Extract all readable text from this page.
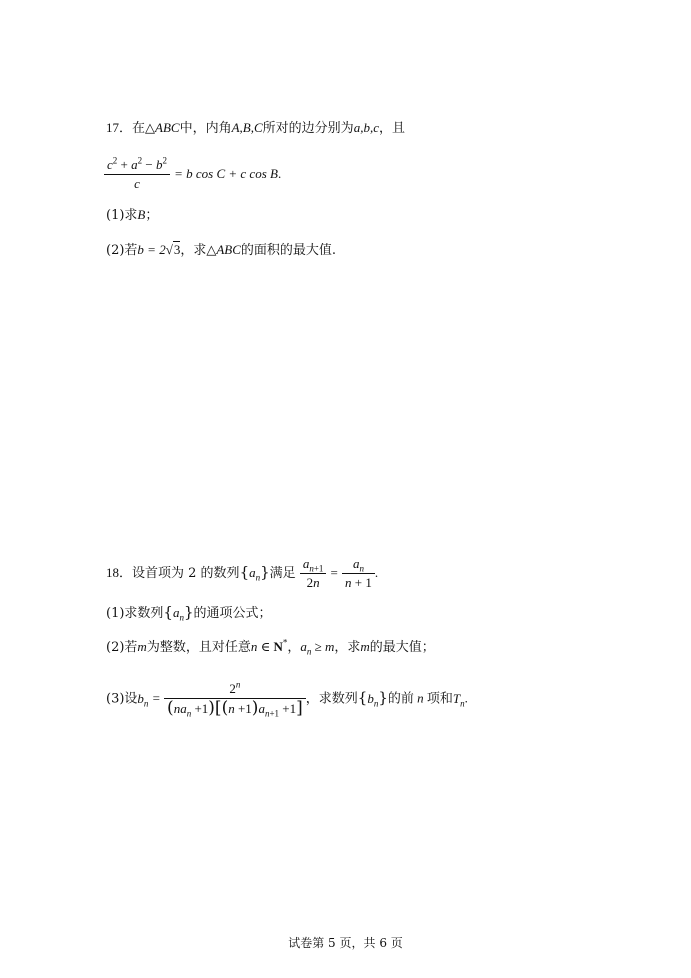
17．在△ABC中，内角A,B,C所对的边分别为a,b,c，且
$\frac{c^2 + a^2 - b^2}{c} = b$ cos C + c cos B.
(1)求B；
(2)若b = 2√3，求△ABC的面积的最大值.
18．设首项为 2 的数列$\{a_n\}$满足 $\frac{a_{n+1}}{2n} = \frac{a_n}{n + 1}$ .
(1)求数列$\{a_n\}$的通项公式；
(2)若m为整数，且对任意n ∈ N*，$a_n \ge m$，求m的最大值；
(3)设$b_n = \frac{2^n}{(na_n +1)[(n +1)a_{n+1} +1]}$ ，求数列$\{b_n\}$的前 n 项和$T_n$.
试卷第 5 页，共 6 页
